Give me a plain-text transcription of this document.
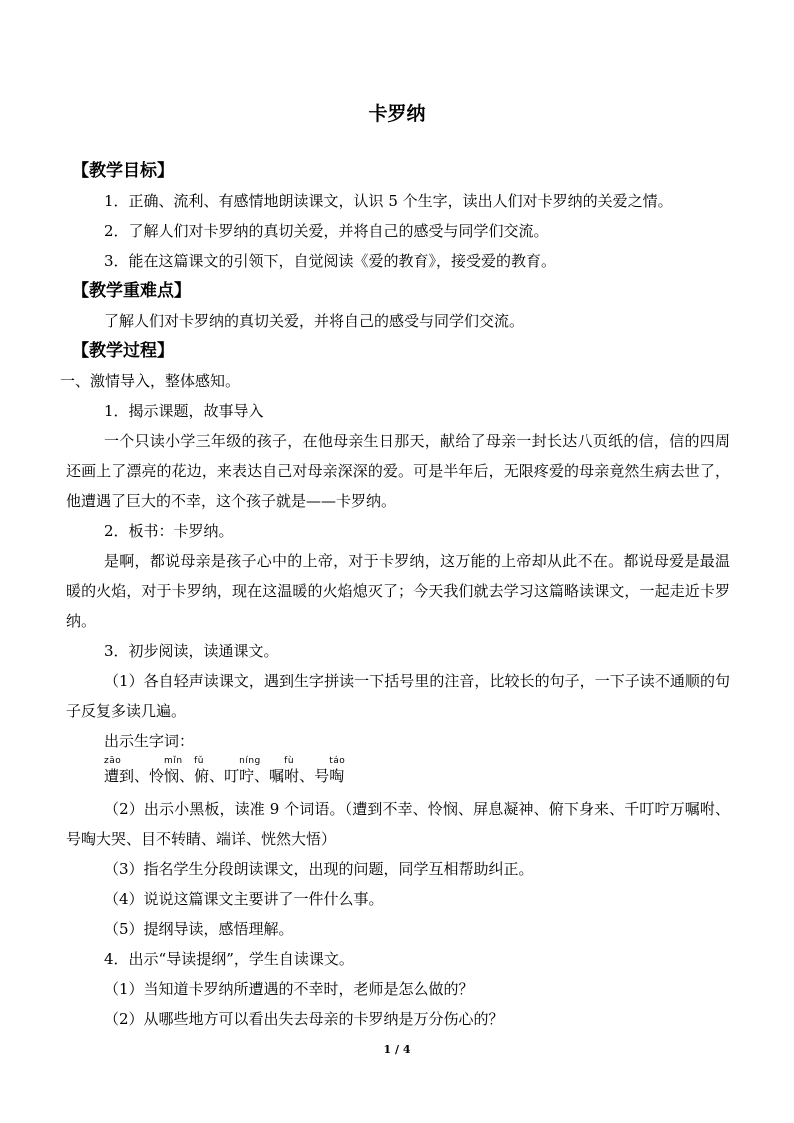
卡罗纳
【教学目标】
1．正确、流利、有感情地朗读课文，认识 5 个生字，读出人们对卡罗纳的关爱之情。
2．了解人们对卡罗纳的真切关爱，并将自己的感受与同学们交流。
3．能在这篇课文的引领下，自觉阅读《爱的教育》，接受爱的教育。
【教学重难点】
了解人们对卡罗纳的真切关爱，并将自己的感受与同学们交流。
【教学过程】
一、激情导入，整体感知。
1．揭示课题，故事导入
一个只读小学三年级的孩子，在他母亲生日那天，献给了母亲一封长达八页纸的信，信的四周还画上了漂亮的花边，来表达自己对母亲深深的爱。可是半年后，无限疼爱的母亲竟然生病去世了，他遭遇了巨大的不幸，这个孩子就是——卡罗纳。
2．板书：卡罗纳。
是啊，都说母亲是孩子心中的上帝，对于卡罗纳，这万能的上帝却从此不在。都说母爱是最温暖的火焰，对于卡罗纳，现在这温暖的火焰熄灭了；今天我们就去学习这篇略读课文，一起走近卡罗纳。
3．初步阅读，读通课文。
（1）各自轻声读课文，遇到生字拼读一下括号里的注音，比较长的句子，一下子读不通顺的句子反复多读几遍。
出示生字词：
zāo
遭到、怜
mǐn
悯、
fǔ
俯、叮
níng
咛、嘱
fù
咐、号
táo
啕
（2）出示小黑板，读准 9 个词语。（遭到不幸、怜悯、屏息凝神、俯下身来、千叮咛万嘱咐、号啕大哭、目不转睛、端详、恍然大悟）
（3）指名学生分段朗读课文，出现的问题，同学互相帮助纠正。
（4）说说这篇课文主要讲了一件什么事。
（5）提纲导读，感悟理解。
4．出示“导读提纲”，学生自读课文。
（1）当知道卡罗纳所遭遇的不幸时，老师是怎么做的？
（2）从哪些地方可以看出失去母亲的卡罗纳是万分伤心的？
1 / 4
